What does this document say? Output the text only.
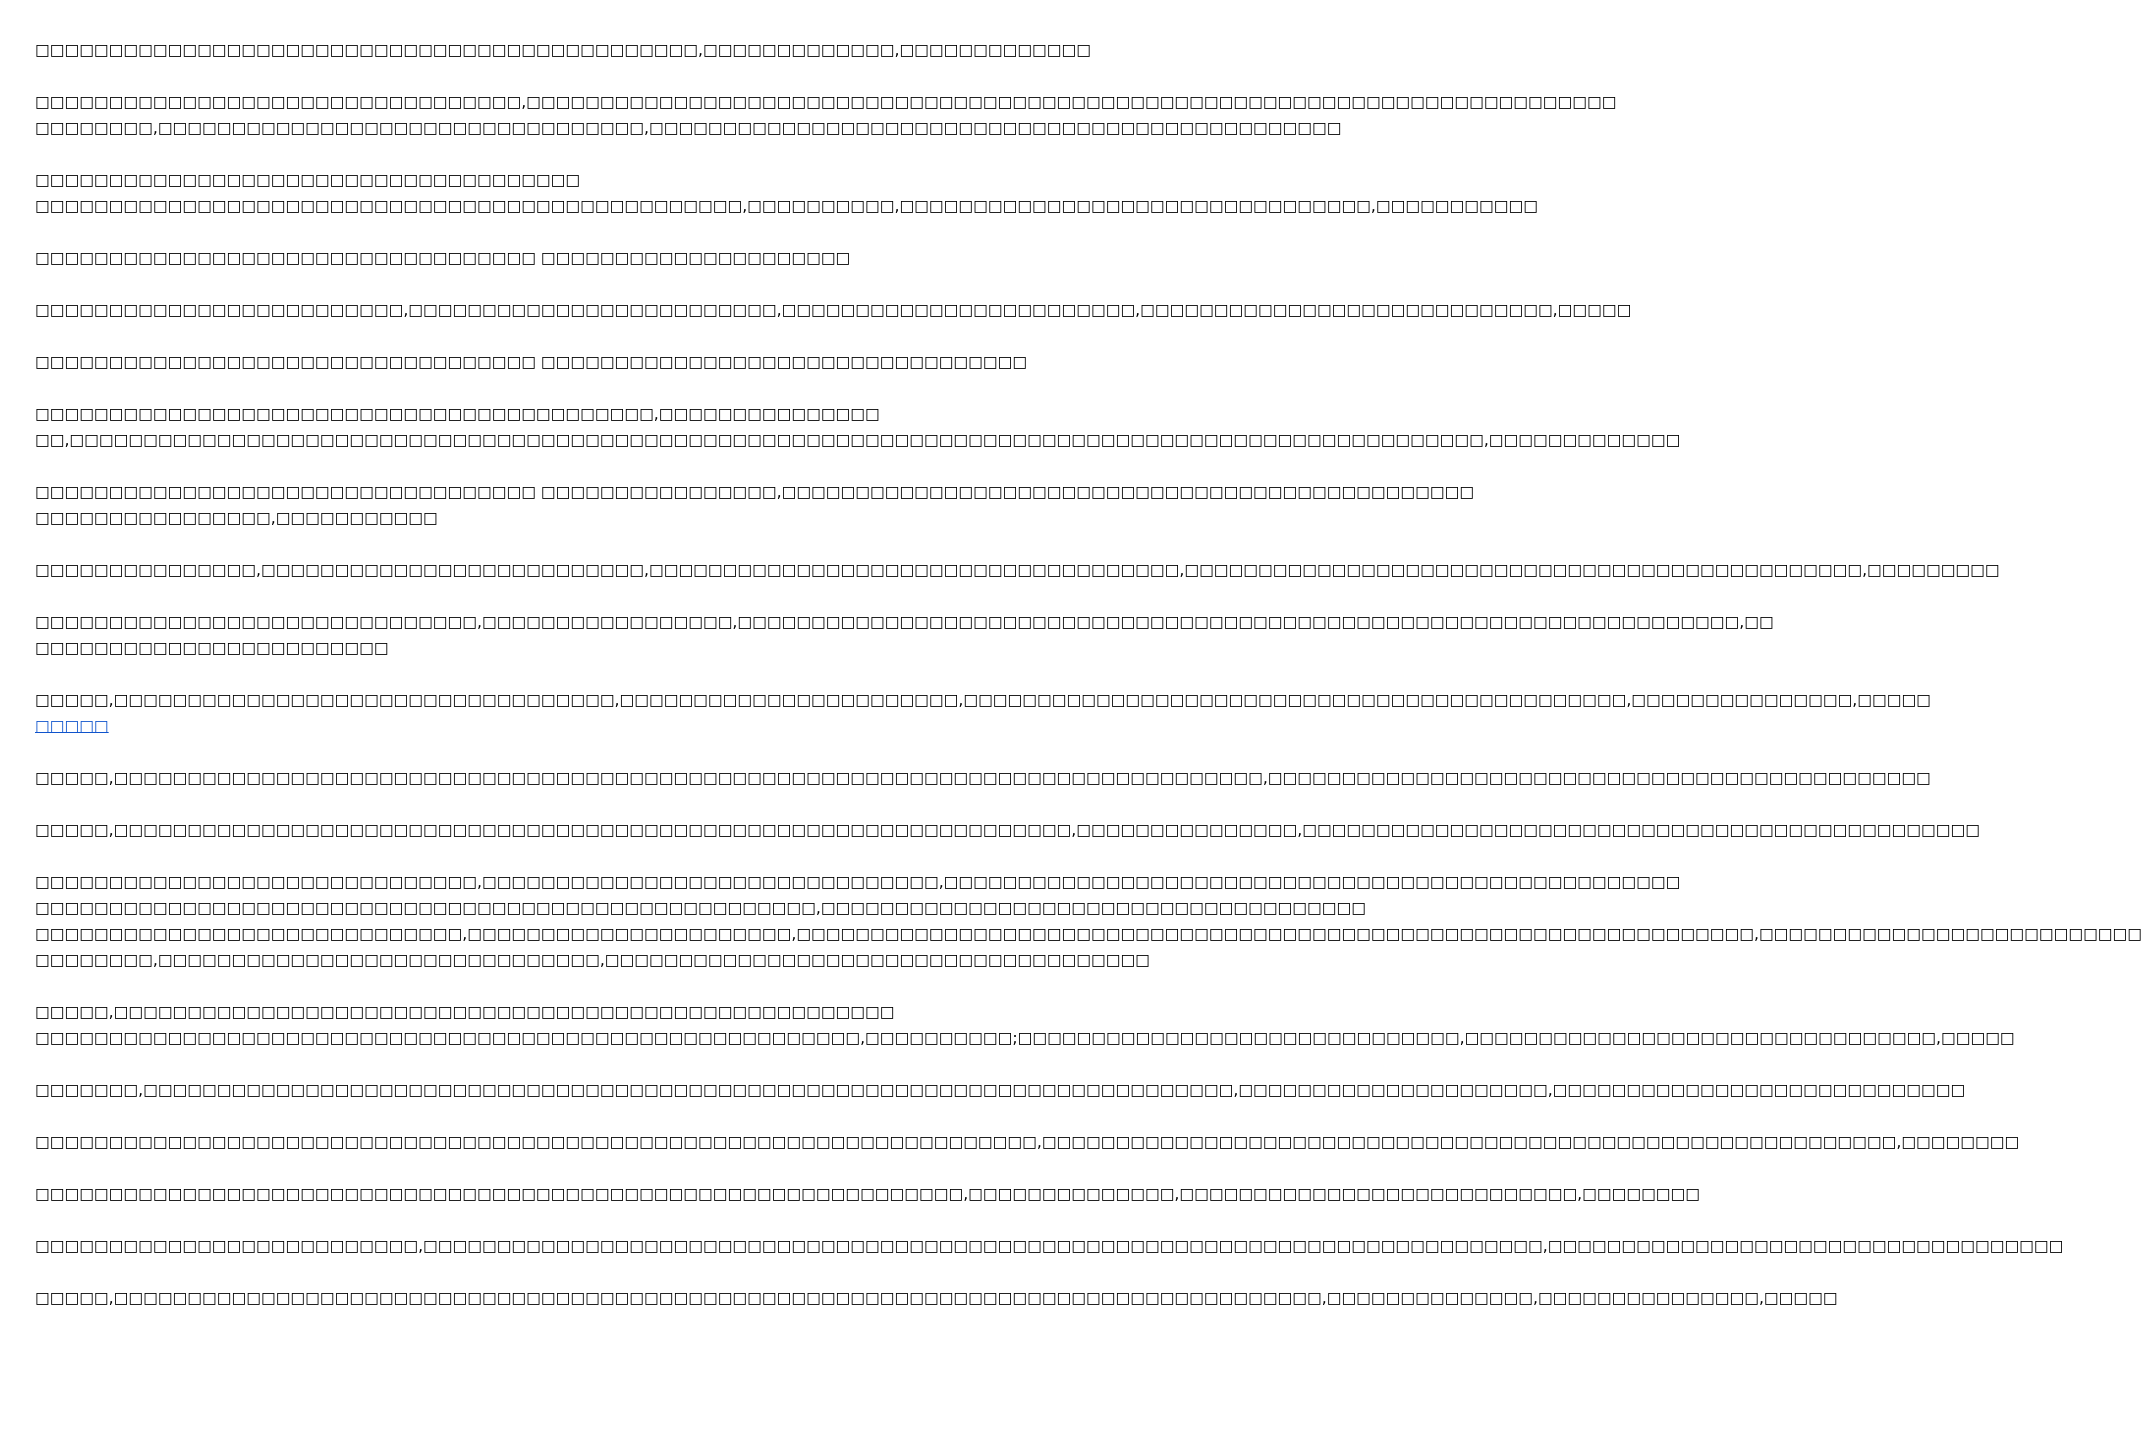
□□□□□□□□□□□□□□□□□□□□□□□□□□□□□□□□□□□□□□□□□□□□□,□□□□□□□□□□□□□,□□□□□□□□□□□□□
□□□□□□□□□□□□□□□□□□□□□□□□□□□□□□□□□,□□□□□□□□□□□□□□□□□□□□□□□□□□□□□□□□□□□□□□□□□□□□□□□□□□□□□□□□□□□□□□□□□□□□□□□□□□
□□□□□□□□,□□□□□□□□□□□□□□□□□□□□□□□□□□□□□□□□□,□□□□□□□□□□□□□□□□□□□□□□□□□□□□□□□□□□□□□□□□□□□□□□□
□□□□□□□□□□□□□□□□□□□□□□□□□□□□□□□□□□□□□
□□□□□□□□□□□□□□□□□□□□□□□□□□□□□□□□□□□□□□□□□□□□□□□□,□□□□□□□□□□,□□□□□□□□□□□□□□□□□□□□□□□□□□□□□□□□,□□□□□□□□□□□
□□□□□□□□□□□□□□□□□□□□□□□□□□□□□□□□□□ □□□□□□□□□□□□□□□□□□□□□
□□□□□□□□□□□□□□□□□□□□□□□□□,□□□□□□□□□□□□□□□□□□□□□□□□□,□□□□□□□□□□□□□□□□□□□□□□□□,□□□□□□□□□□□□□□□□□□□□□□□□□□□□,□□□□□
□□□□□□□□□□□□□□□□□□□□□□□□□□□□□□□□□□ □□□□□□□□□□□□□□□□□□□□□□□□□□□□□□□□□
□□□□□□□□□□□□□□□□□□□□□□□□□□□□□□□□□□□□□□□□□□,□□□□□□□□□□□□□□□
□□,□□□□□□□□□□□□□□□□□□□□□□□□□□□□□□□□□□□□□□□□□□□□□□□□□□□□□□□□□□□□□□□□□□□□□□□□□□□□□□□□□□□□□□□□□□□□□□□□,□□□□□□□□□□□□□
□□□□□□□□□□□□□□□□□□□□□□□□□□□□□□□□□□ □□□□□□□□□□□□□□□□,□□□□□□□□□□□□□□□□□□□□□□□□□□□□□□□□□□□□□□□□□□□□□□□
□□□□□□□□□□□□□□□□,□□□□□□□□□□□
□□□□□□□□□□□□□□□,□□□□□□□□□□□□□□□□□□□□□□□□□□,□□□□□□□□□□□□□□□□□□□□□□□□□□□□□□□□□□□□,□□□□□□□□□□□□□□□□□□□□□□□□□□□□□□□□□□□□□□□□□□□□□□,□□□□□□□□□
□□□□□□□□□□□□□□□□□□□□□□□□□□□□□□,□□□□□□□□□□□□□□□□□,□□□□□□□□□□□□□□□□□□□□□□□□□□□□□□□□□□□□□□□□□□□□□□□□□□□□□□□□□□□□□□□□□□□□,□□
□□□□□□□□□□□□□□□□□□□□□□□□
□□□□□,□□□□□□□□□□□□□□□□□□□□□□□□□□□□□□□□□□,□□□□□□□□□□□□□□□□□□□□□□□,□□□□□□□□□□□□□□□□□□□□□□□□□□□□□□□□□□□□□□□□□□□□□,□□□□□□□□□□□□□□□,□□□□□
□□□□□
□□□□□,□□□□□□□□□□□□□□□□□□□□□□□□□□□□□□□□□□□□□□□□□□□□□□□□□□□□□□□□□□□□□□□□□□□□□□□□□□□□□□,□□□□□□□□□□□□□□□□□□□□□□□□□□□□□□□□□□□□□□□□□□□□□
□□□□□,□□□□□□□□□□□□□□□□□□□□□□□□□□□□□□□□□□□□□□□□□□□□□□□□□□□□□□□□□□□□□□□□□,□□□□□□□□□□□□□□□,□□□□□□□□□□□□□□□□□□□□□□□□□□□□□□□□□□□□□□□□□□□□□□
□□□□□□□□□□□□□□□□□□□□□□□□□□□□□□,□□□□□□□□□□□□□□□□□□□□□□□□□□□□□□□,□□□□□□□□□□□□□□□□□□□□□□□□□□□□□□□□□□□□□□□□□□□□□□□□□□
□□□□□□□□□□□□□□□□□□□□□□□□□□□□□□□□□□□□□□□□□□□□□□□□□□□□□,□□□□□□□□□□□□□□□□□□□□□□□□□□□□□□□□□□□□□
□□□□□□□□□□□□□□□□□□□□□□□□□□□□□,□□□□□□□□□□□□□□□□□□□□□□,□□□□□□□□□□□□□□□□□□□□□□□□□□□□□□□□□□□□□□□□□□□□□□□□□□□□□□□□□□□□□□□□□,□□□□□□□□□□□□□□□□□□□□□□□□□□
□□□□□□□□,□□□□□□□□□□□□□□□□□□□□□□□□□□□□□□,□□□□□□□□□□□□□□□□□□□□□□□□□□□□□□□□□□□□□
□□□□□,□□□□□□□□□□□□□□□□□□□□□□□□□□□□□□□□□□□□□□□□□□□□□□□□□□□□□
□□□□□□□□□□□□□□□□□□□□□□□□□□□□□□□□□□□□□□□□□□□□□□□□□□□□□□□□,□□□□□□□□□□;□□□□□□□□□□□□□□□□□□□□□□□□□□□□□□,□□□□□□□□□□□□□□□□□□□□□□□□□□□□□□□□,□□□□□
□□□□□□□,□□□□□□□□□□□□□□□□□□□□□□□□□□□□□□□□□□□□□□□□□□□□□□□□□□□□□□□□□□□□□□□□□□□□□□□□□□,□□□□□□□□□□□□□□□□□□□□□,□□□□□□□□□□□□□□□□□□□□□□□□□□□□
□□□□□□□□□□□□□□□□□□□□□□□□□□□□□□□□□□□□□□□□□□□□□□□□□□□□□□□□□□□□□□□□□□□□,□□□□□□□□□□□□□□□□□□□□□□□□□□□□□□□□□□□□□□□□□□□□□□□□□□□□□□□□□□,□□□□□□□□
□□□□□□□□□□□□□□□□□□□□□□□□□□□□□□□□□□□□□□□□□□□□□□□□□□□□□□□□□□□□□□□,□□□□□□□□□□□□□□,□□□□□□□□□□□□□□□□□□□□□□□□□□□,□□□□□□□□
□□□□□□□□□□□□□□□□□□□□□□□□□□,□□□□□□□□□□□□□□□□□□□□□□□□□□□□□□□□□□□□□□□□□□□□□□□□□□□□□□□□□□□□□□□□□□□□□□□□□□□□,□□□□□□□□□□□□□□□□□□□□□□□□□□□□□□□□□□□
□□□□□,□□□□□□□□□□□□□□□□□□□□□□□□□□□□□□□□□□□□□□□□□□□□□□□□□□□□□□□□□□□□□□□□□□□□□□□□□□□□□□□□□□,□□□□□□□□□□□□□□,□□□□□□□□□□□□□□□,□□□□□
